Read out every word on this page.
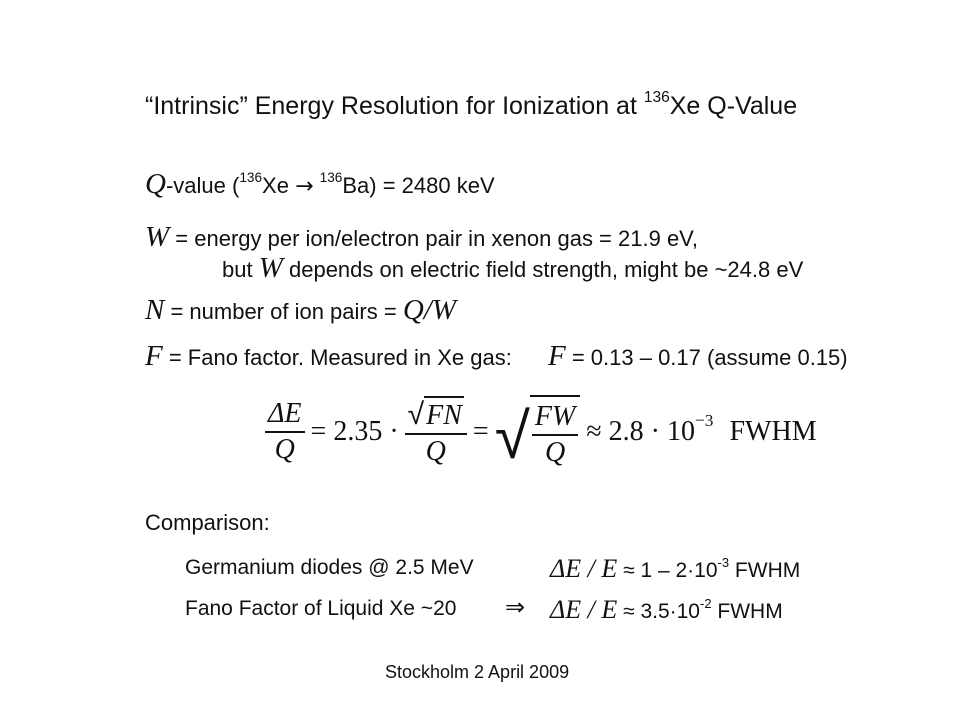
“Intrinsic” Energy Resolution for Ionization at $^{136}$Xe Q-Value
Q-value ($^{136}$Xe → $^{136}$Ba) = 2480 keV
W = energy per ion/electron pair in xenon gas = 21.9 eV,
but W depends on electric field strength, might be ~24.8 eV
N = number of ion pairs = Q/W
F = Fano factor. Measured in Xe gas: F = 0.13 – 0.17 (assume 0.15)
$\frac{\Delta E}{Q} = 2.35 \cdot \frac{√ FN}{Q}$ = √ $\frac{FW}{Q} \approx 2.8 \cdot 10^{-3}$ FWHM
Comparison:
Germanium diodes @ 2.5 MeV	$\Delta E / E \approx 1 - 2\cdot 10^{-3}$ FWHM
Fano Factor of Liquid Xe ~20 ⇒ $\Delta E / E \approx 3.5\cdot 10^{-2}$ FWHM
Stockholm 2 April 2009
